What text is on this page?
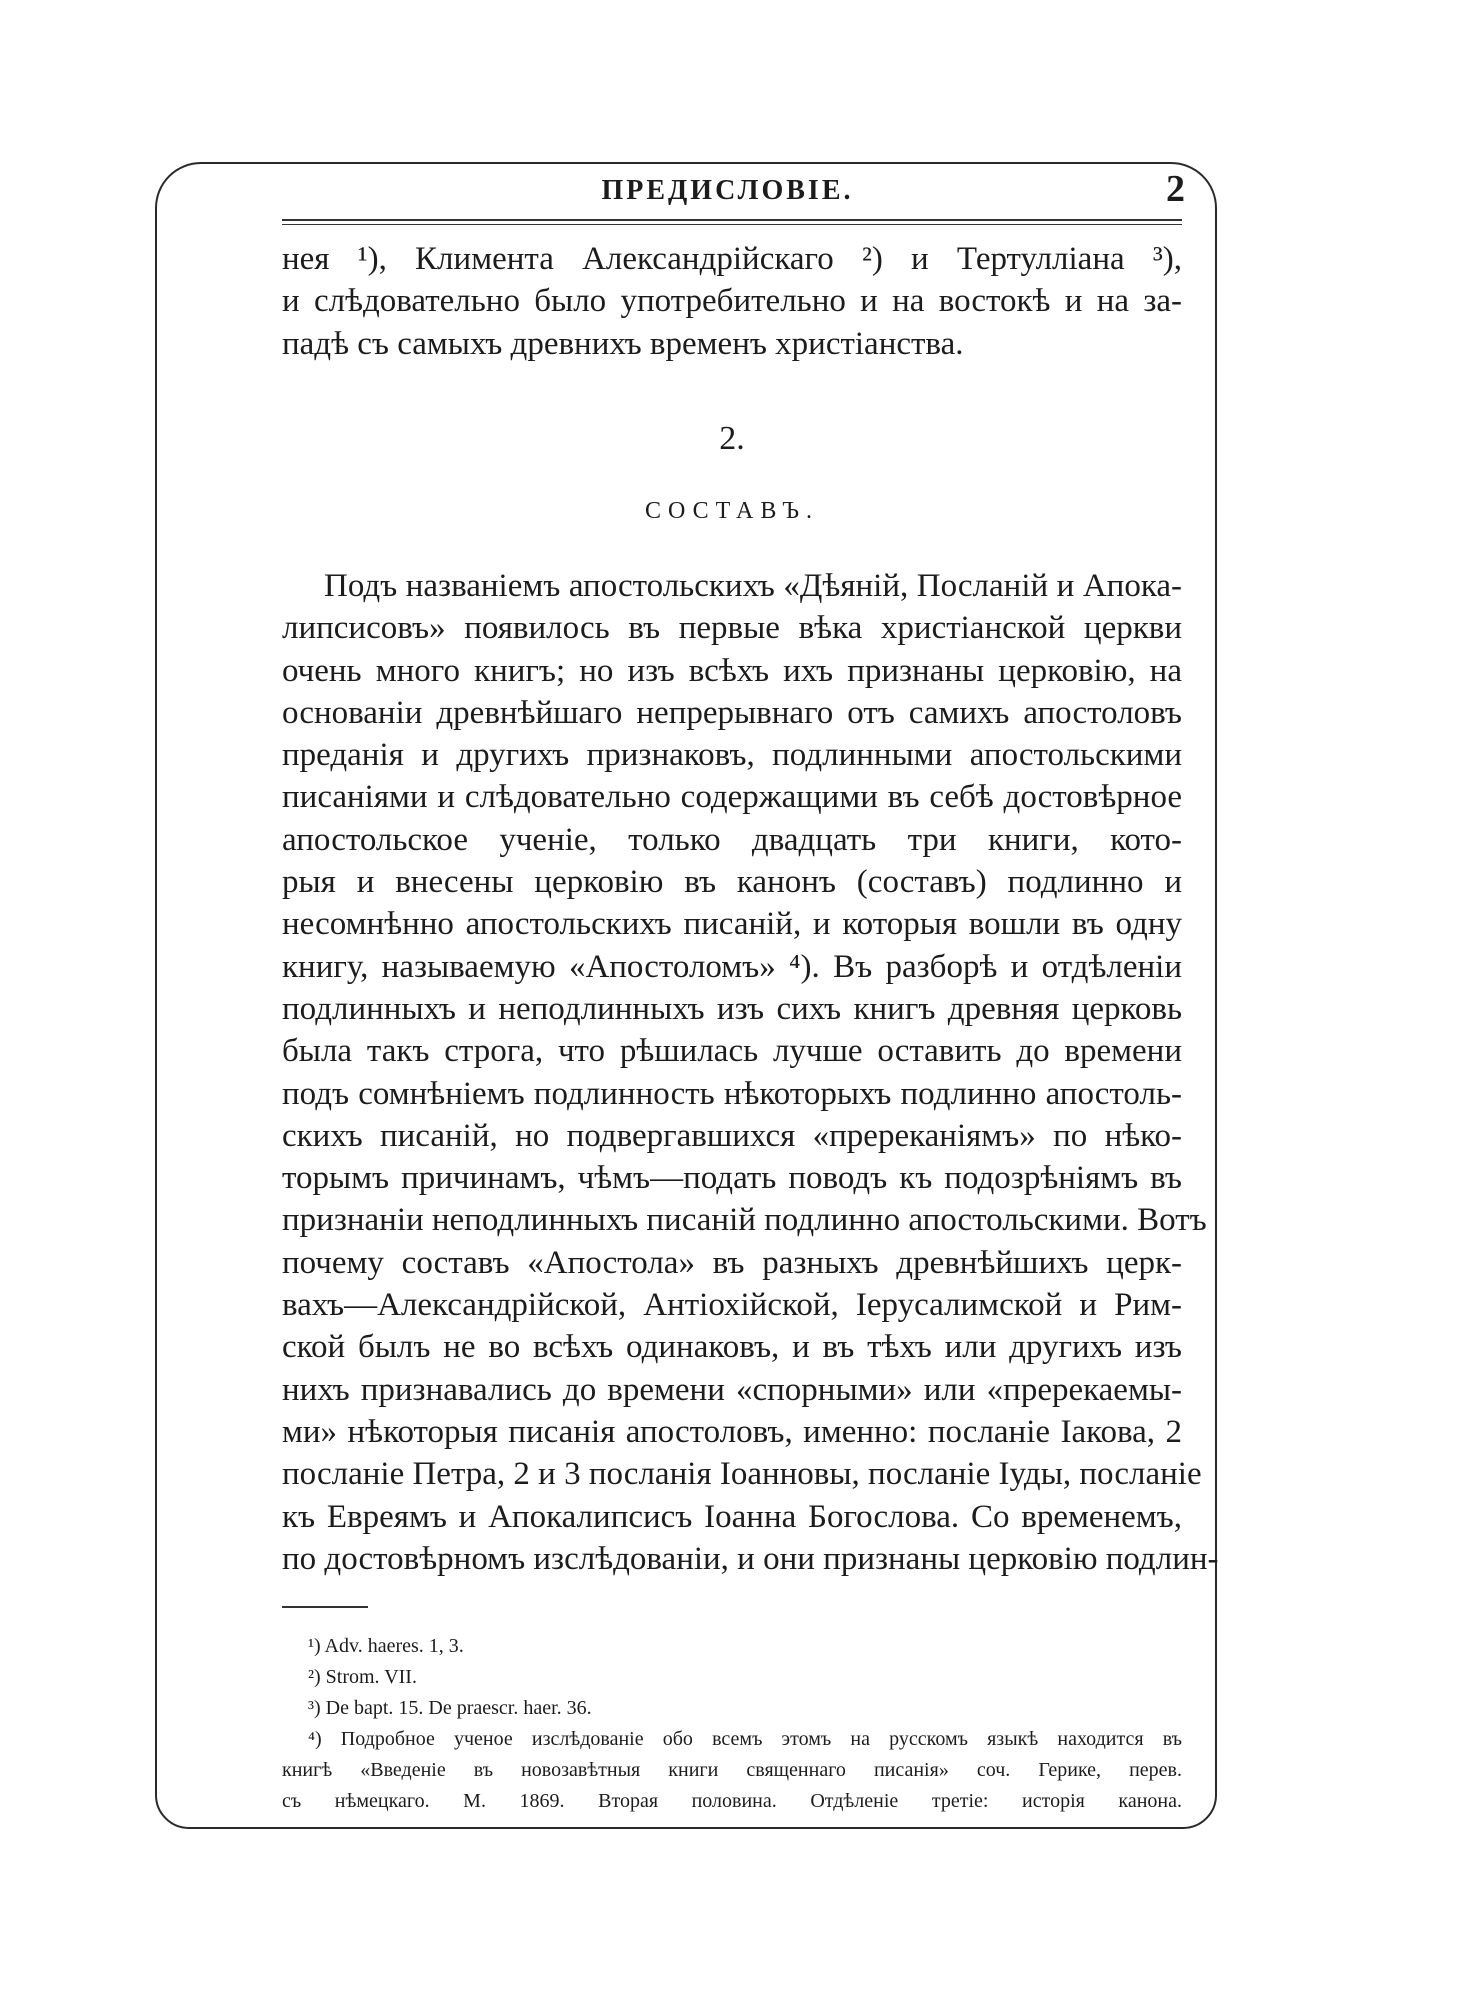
ПРЕДИСЛОВІЕ.	2
нея ¹), Климента Александрійскаго ²) и Тертулліана ³),
и слѣдовательно было употребительно и на востокѣ и на за-
падѣ съ самыхъ древнихъ временъ христіанства.
2.
СОСТАВЪ.
Подъ названіемъ апостольскихъ «Дѣяній, Посланій и Апока-
липсисовъ» появилось въ первые вѣка христіанской церкви
очень много книгъ; но изъ всѣхъ ихъ признаны церковію, на
основаніи древнѣйшаго непрерывнаго отъ самихъ апостоловъ
преданія и другихъ признаковъ, подлинными апостольскими
писаніями и слѣдовательно содержащими въ себѣ достовѣрное
апостольское ученіе, только двадцать три книги, кото-
рыя и внесены церковію въ канонъ (составъ) подлинно и
несомнѣнно апостольскихъ писаній, и которыя вошли въ одну
книгу, называемую «Апостоломъ» ⁴). Въ разборѣ и отдѣленіи
подлинныхъ и неподлинныхъ изъ сихъ книгъ древняя церковь
была такъ строга, что рѣшилась лучше оставить до времени
подъ сомнѣніемъ подлинность нѣкоторыхъ подлинно апостоль-
скихъ писаній, но подвергавшихся «пререканіямъ» по нѣко-
торымъ причинамъ, чѣмъ—подать поводъ къ подозрѣніямъ въ
признаніи неподлинныхъ писаній подлинно апостольскими. Вотъ
почему составъ «Апостола» въ разныхъ древнѣйшихъ церк-
вахъ—Александрійской, Антіохійской, Іерусалимской и Рим-
ской былъ не во всѣхъ одинаковъ, и въ тѣхъ или другихъ изъ
нихъ признавались до времени «спорными» или «пререкаемы-
ми» нѣкоторыя писанія апостоловъ, именно: посланіе Іакова, 2
посланіе Петра, 2 и 3 посланія Іоанновы, посланіе Іуды, посланіе
къ Евреямъ и Апокалипсисъ Іоанна Богослова. Со временемъ,
по достовѣрномъ изслѣдованіи, и они признаны церковію подлин-
¹) Adv. haeres. 1, 3.
²) Strom. VII.
³) De bapt. 15. De praescr. haer. 36.
⁴) Подробное ученое изслѣдованіе обо всемъ этомъ на русскомъ языкѣ находится въ
книгѣ «Введеніе въ новозавѣтныя книги священнаго писанія» соч. Герике, перев.
съ нѣмецкаго. М. 1869. Вторая половина. Отдѣленіе третіе: исторія канона.
